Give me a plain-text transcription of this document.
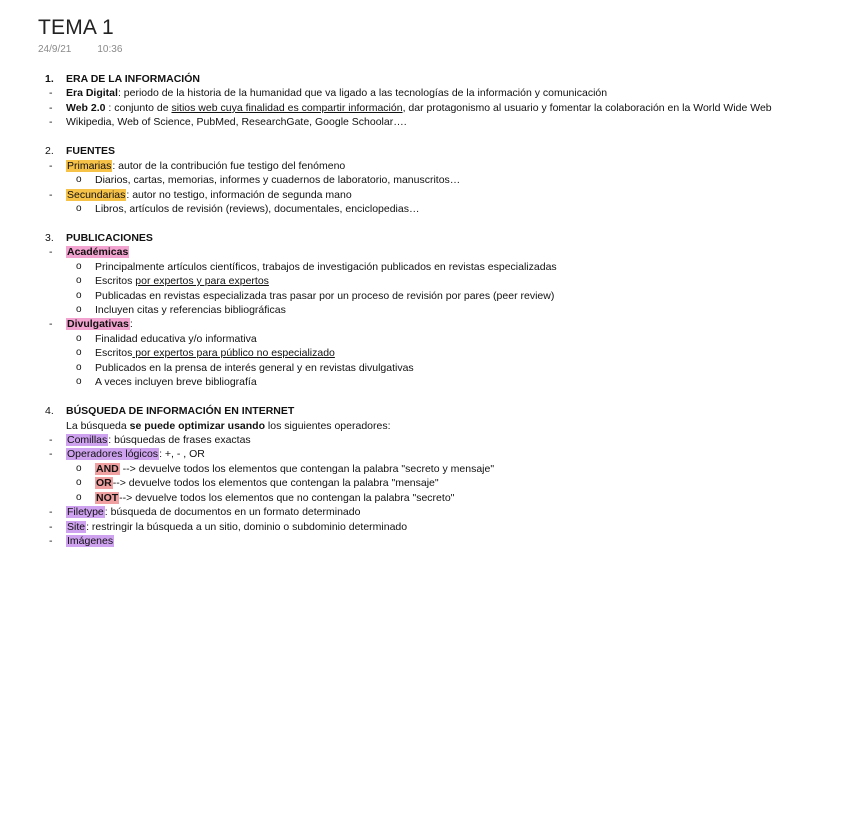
TEMA 1
24/9/21	10:36
1.	ERA DE LA INFORMACIÓN
- Era Digital: periodo de la historia de la humanidad que va ligado a las tecnologías de la información y comunicación
- Web 2.0 : conjunto de sitios web cuya finalidad es compartir información, dar protagonismo al usuario y fomentar la colaboración en la World Wide Web
- Wikipedia, Web of Science, PubMed, ResearchGate, Google Schoolar….
2.	FUENTES
- Primarias: autor de la contribución fue testigo del fenómeno
o Diarios, cartas, memorias, informes y cuadernos de laboratorio, manuscritos…
- Secundarias: autor no testigo, información de segunda mano
o Libros, artículos de revisión (reviews), documentales, enciclopedias…
3.	PUBLICACIONES
- Académicas
o Principalmente artículos científicos, trabajos de investigación publicados en revistas especializadas
o Escritos por expertos y para expertos
o Publicadas en revistas especializada tras pasar por un proceso de revisión por pares (peer review)
o Incluyen citas y referencias bibliográficas
- Divulgativas:
o Finalidad educativa y/o informativa
o Escritos por expertos para público no especializado
o Publicados en la prensa de interés general y en revistas divulgativas
o A veces incluyen breve bibliografía
4.	BÚSQUEDA DE INFORMACIÓN EN INTERNET
La búsqueda se puede optimizar usando los siguientes operadores:
- Comillas: búsquedas de frases exactas
- Operadores lógicos: +, - , OR
o AND --> devuelve todos los elementos que contengan la palabra "secreto y mensaje"
o OR--> devuelve todos los elementos que contengan la palabra "mensaje"
o NOT--> devuelve todos los elementos que no contengan la palabra "secreto"
- Filetype: búsqueda de documentos en un formato determinado
- Site: restringir la búsqueda a un sitio, dominio o subdominio determinado
- Imágenes
